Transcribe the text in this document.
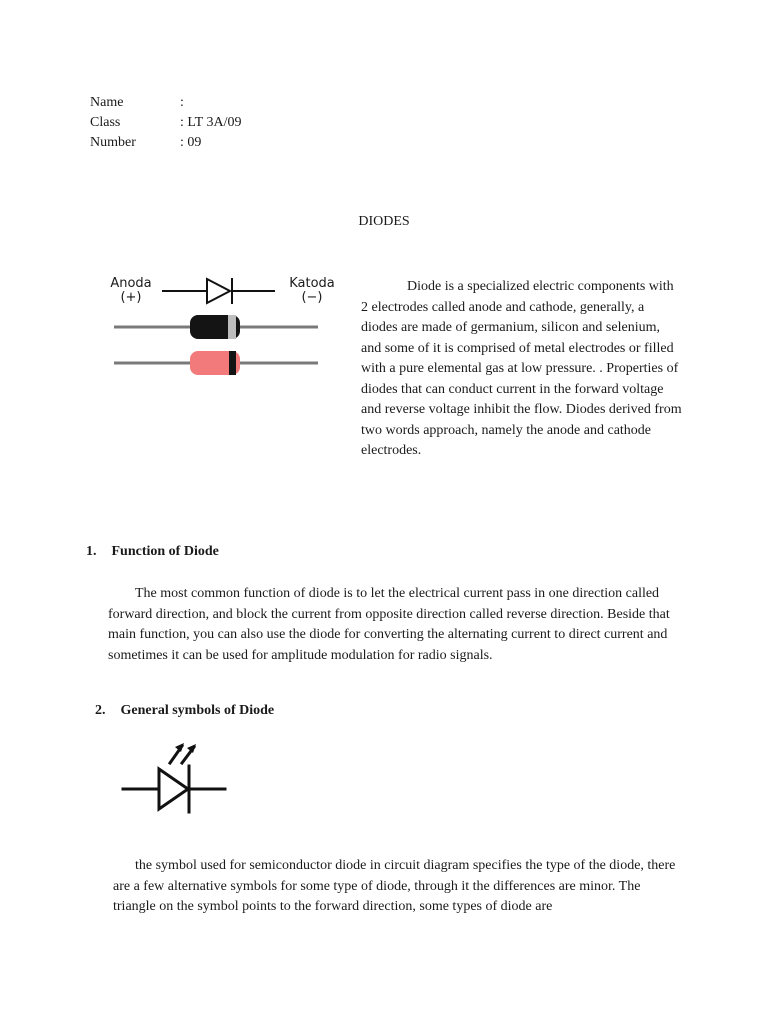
Name	:
Class	: LT 3A/09
Number	: 09
DIODES
Anoda
(+)
Katoda
(−)
Diode is a specialized electric components with 2 electrodes called anode and cathode, generally, a diodes are made of germanium, silicon and selenium, and some of it is comprised of metal electrodes or filled with a pure elemental gas at low pressure. . Properties of diodes that can conduct current in the forward voltage and reverse voltage inhibit the flow. Diodes derived from two words approach, namely the anode and cathode electrodes.
1. Function of Diode
The most common function of diode is to let the electrical current pass in one direction called forward direction, and block the current from opposite direction called reverse direction. Beside that main function, you can also use the diode for converting the alternating current to direct current and sometimes it can be used for amplitude modulation for radio signals.
2. General symbols of Diode
the symbol used for semiconductor diode in circuit diagram specifies the type of the diode, there are a few alternative symbols for some type of diode, through it the differences are minor. The triangle on the symbol points to the forward direction, some types of diode are
